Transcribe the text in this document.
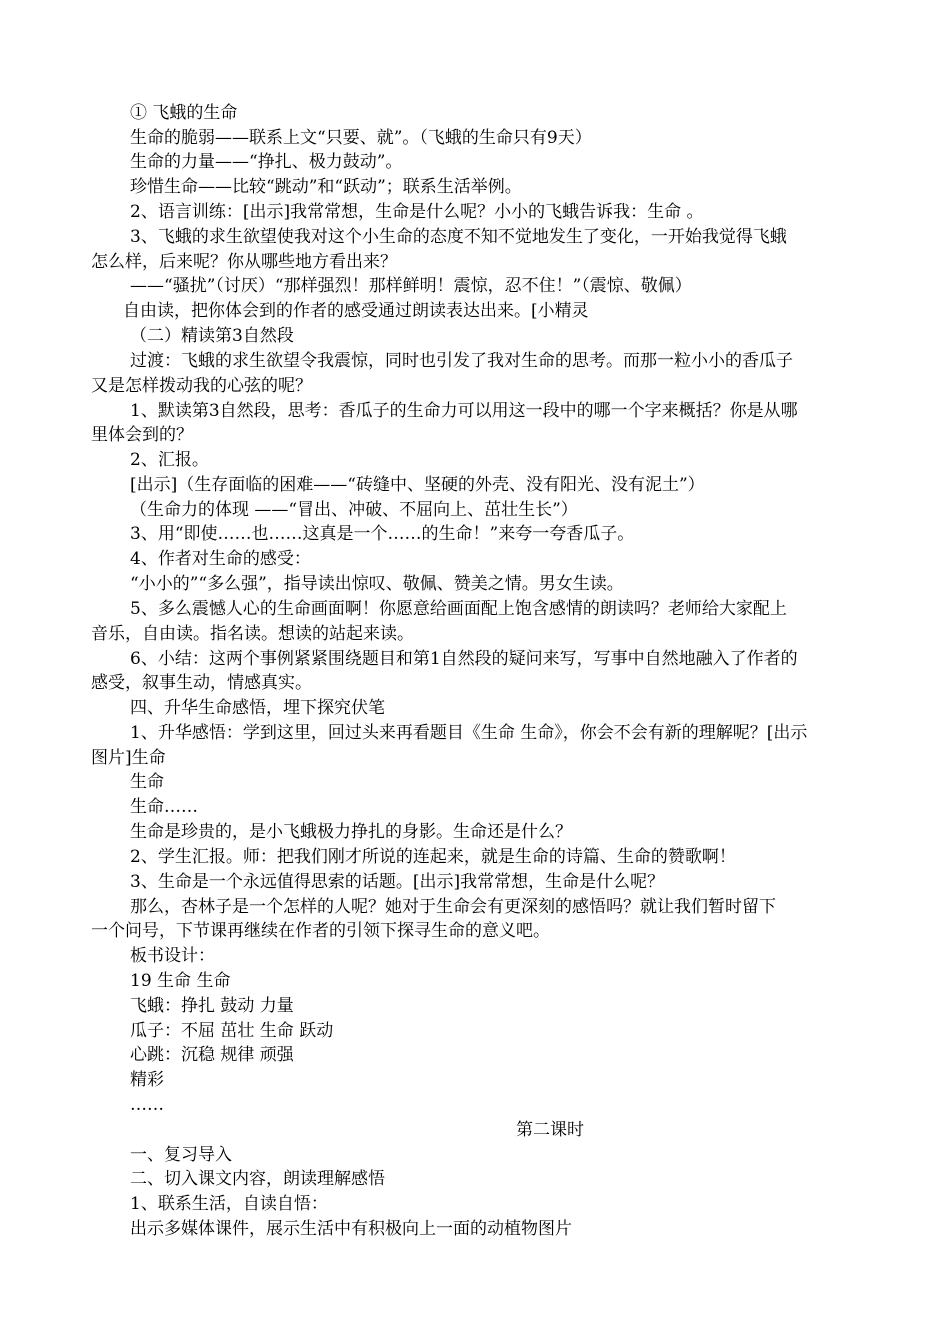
① 飞蛾的生命
生命的脆弱——联系上文“只要、就”。（飞蛾的生命只有9天）
生命的力量——“挣扎、极力鼓动”。
珍惜生命——比较“跳动”和“跃动”；联系生活举例。
2、语言训练：[出示]我常常想，生命是什么呢？小小的飞蛾告诉我：生命 。
3、飞蛾的求生欲望使我对这个小生命的态度不知不觉地发生了变化，一开始我觉得飞蛾
怎么样，后来呢？你从哪些地方看出来？
——“骚扰”（讨厌）“那样强烈！那样鲜明！震惊，忍不住！”（震惊、敬佩）
自由读，把你体会到的作者的感受通过朗读表达出来。[小精灵
（二）精读第3自然段
过渡：飞蛾的求生欲望令我震惊，同时也引发了我对生命的思考。而那一粒小小的香瓜子
又是怎样拨动我的心弦的呢？
1、默读第3自然段，思考：香瓜子的生命力可以用这一段中的哪一个字来概括？你是从哪
里体会到的？
2、汇报。
[出示]（生存面临的困难——“砖缝中、坚硬的外壳、没有阳光、没有泥土”）
（生命力的体现 ——“冒出、冲破、不屈向上、茁壮生长”）
3、用“即使……也……这真是一个……的生命！”来夸一夸香瓜子。
4、作者对生命的感受：
“小小的”“多么强”，指导读出惊叹、敬佩、赞美之情。男女生读。
5、多么震憾人心的生命画面啊！你愿意给画面配上饱含感情的朗读吗？老师给大家配上
音乐，自由读。指名读。想读的站起来读。
6、小结：这两个事例紧紧围绕题目和第1自然段的疑问来写，写事中自然地融入了作者的
感受，叙事生动，情感真实。
四、升华生命感悟，埋下探究伏笔
1、升华感悟：学到这里，回过头来再看题目《生命 生命》，你会不会有新的理解呢？[出示
图片]生命
生命
生命……
生命是珍贵的，是小飞蛾极力挣扎的身影。生命还是什么？
2、学生汇报。师：把我们刚才所说的连起来，就是生命的诗篇、生命的赞歌啊！
3、生命是一个永远值得思索的话题。[出示]我常常想，生命是什么呢？
那么，杏林子是一个怎样的人呢？她对于生命会有更深刻的感悟吗？就让我们暂时留下
一个问号，下节课再继续在作者的引领下探寻生命的意义吧。
板书设计：
19 生命 生命
飞蛾：挣扎 鼓动 力量
瓜子：不屈 茁壮 生命 跃动
心跳：沉稳 规律 顽强
精彩
……
第二课时
一、复习导入
二、切入课文内容，朗读理解感悟
1、联系生活，自读自悟：
出示多媒体课件，展示生活中有积极向上一面的动植物图片
